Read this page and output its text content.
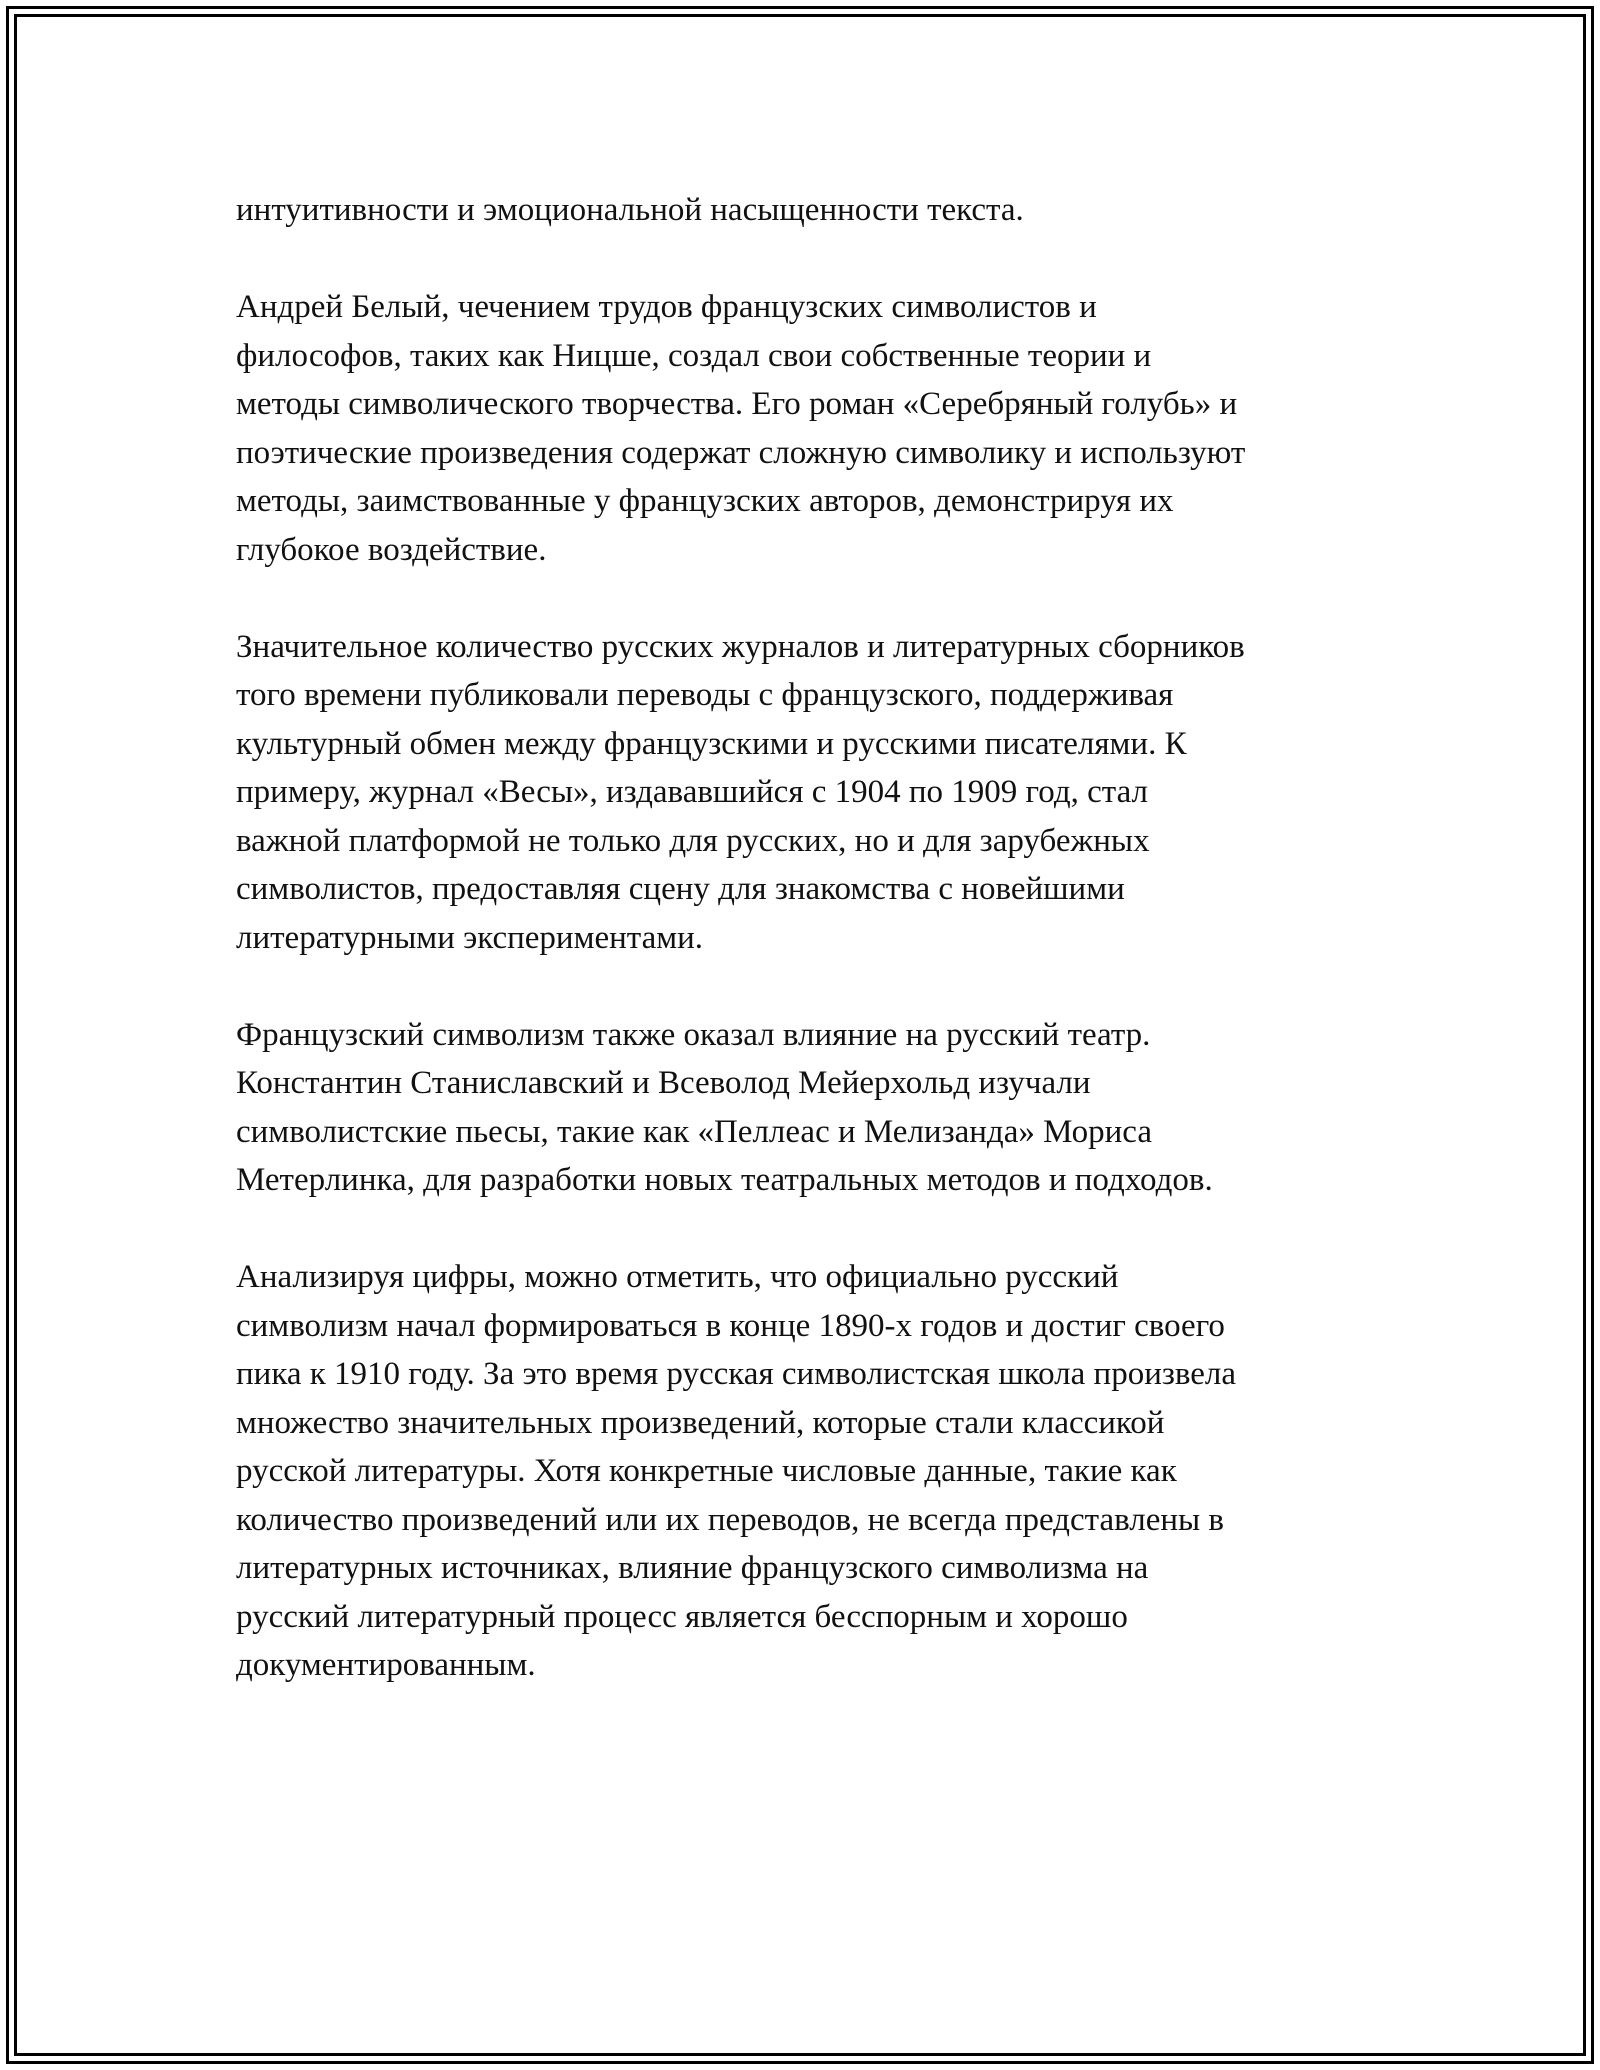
интуитивности и эмоциональной насыщенности текста.

Андрей Белый, чечением трудов французских символистов и
философов, таких как Ницше, создал свои собственные теории и
методы символического творчества. Его роман «Серебряный голубь» и
поэтические произведения содержат сложную символику и используют
методы, заимствованные у французских авторов, демонстрируя их
глубокое воздействие.

Значительное количество русских журналов и литературных сборников
того времени публиковали переводы с французского, поддерживая
культурный обмен между французскими и русскими писателями. К
примеру, журнал «Весы», издававшийся с 1904 по 1909 год, стал
важной платформой не только для русских, но и для зарубежных
символистов, предоставляя сцену для знакомства с новейшими
литературными экспериментами.

Французский символизм также оказал влияние на русский театр.
Константин Станиславский и Всеволод Мейерхольд изучали
символистские пьесы, такие как «Пеллеас и Мелизанда» Мориса
Метерлинка, для разработки новых театральных методов и подходов.

Анализируя цифры, можно отметить, что официально русский
символизм начал формироваться в конце 1890-х годов и достиг своего
пика к 1910 году. За это время русская символистская школа произвела
множество значительных произведений, которые стали классикой
русской литературы. Хотя конкретные числовые данные, такие как
количество произведений или их переводов, не всегда представлены в
литературных источниках, влияние французского символизма на
русский литературный процесс является бесспорным и хорошо
документированным.
